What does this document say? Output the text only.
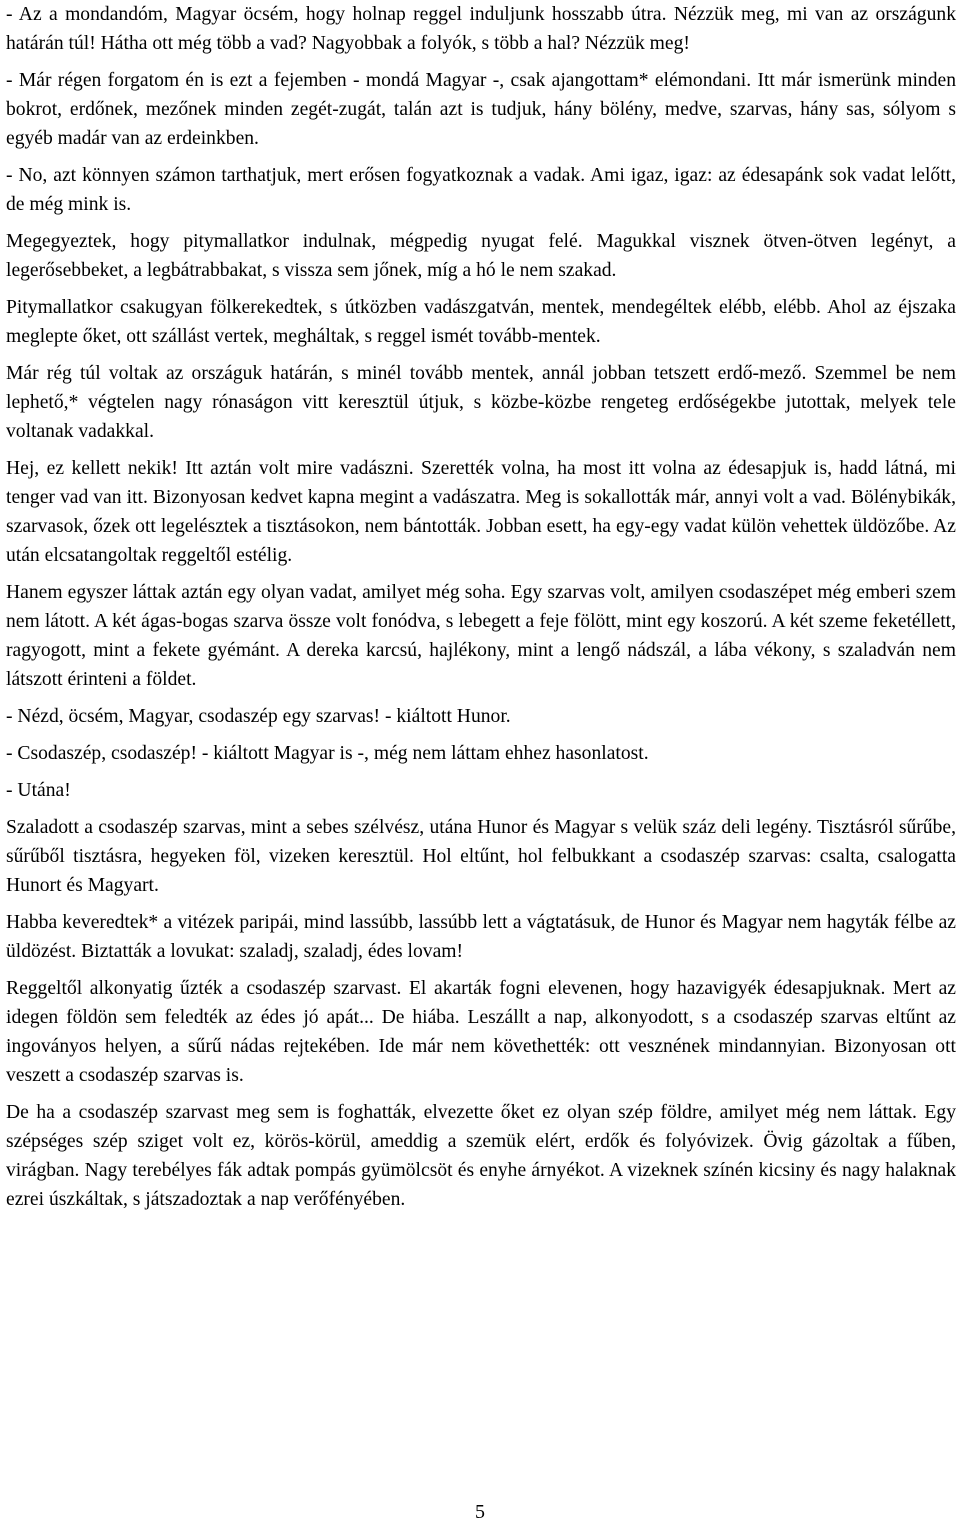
- Az a mondandóm, Magyar öcsém, hogy holnap reggel induljunk hosszabb útra. Nézzük meg, mi van az országunk határán túl! Hátha ott még több a vad? Nagyobbak a folyók, s több a hal? Nézzük meg!

- Már régen forgatom én is ezt a fejemben - mondá Magyar -, csak ajangottam* elémondani. Itt már ismerünk minden bokrot, erdőnek, mezőnek minden zegét-zugát, talán azt is tudjuk, hány bölény, medve, szarvas, hány sas, sólyom s egyéb madár van az erdeinkben.

- No, azt könnyen számon tarthatjuk, mert erősen fogyatkoznak a vadak. Ami igaz, igaz: az édesapánk sok vadat lelőtt, de még mink is.

Megegyeztek, hogy pitymallatkor indulnak, mégpedig nyugat felé. Magukkal visznek ötven-ötven legényt, a legerősebbeket, a legbátrabbakat, s vissza sem jőnek, míg a hó le nem szakad.

Pitymallatkor csakugyan fölkerekedtek, s útközben vadászgatván, mentek, mendegéltek elébb, elébb. Ahol az éjszaka meglepte őket, ott szállást vertek, megháltak, s reggel ismét tovább-mentek.

Már rég túl voltak az országuk határán, s minél tovább mentek, annál jobban tetszett erdő-mező. Szemmel be nem lephető,* végtelen nagy rónaságon vitt keresztül útjuk, s közbe-közbe rengeteg erdőségekbe jutottak, melyek tele voltanak vadakkal.

Hej, ez kellett nekik! Itt aztán volt mire vadászni. Szerették volna, ha most itt volna az édesapjuk is, hadd látná, mi tenger vad van itt. Bizonyosan kedvet kapna megint a vadászatra. Meg is sokallották már, annyi volt a vad. Bölénybikák, szarvasok, őzek ott legelésztek a tisztásokon, nem bántották. Jobban esett, ha egy-egy vadat külön vehettek üldözőbe. Az után elcsatangoltak reggeltől estélig.

Hanem egyszer láttak aztán egy olyan vadat, amilyet még soha. Egy szarvas volt, amilyen csodaszépet még emberi szem nem látott. A két ágas-bogas szarva össze volt fonódva, s lebegett a feje fölött, mint egy koszorú. A két szeme feketéllett, ragyogott, mint a fekete gyémánt. A dereka karcsú, hajlékony, mint a lengő nádszál, a lába vékony, s szaladván nem látszott érinteni a földet.

- Nézd, öcsém, Magyar, csodaszép egy szarvas! - kiáltott Hunor.

- Csodaszép, csodaszép! - kiáltott Magyar is -, még nem láttam ehhez hasonlatost.

- Utána!

Szaladott a csodaszép szarvas, mint a sebes szélvész, utána Hunor és Magyar s velük száz deli legény. Tisztásról sűrűbe, sűrűből tisztásra, hegyeken föl, vizeken keresztül. Hol eltűnt, hol felbukkant a csodaszép szarvas: csalta, csalogatta Hunort és Magyart.

Habba keveredtek* a vitézek paripái, mind lassúbb, lassúbb lett a vágtatásuk, de Hunor és Magyar nem hagyták félbe az üldözést. Biztatták a lovukat: szaladj, szaladj, édes lovam!

Reggeltől alkonyatig űzték a csodaszép szarvast. El akarták fogni elevenen, hogy hazavigyék édesapjuknak. Mert az idegen földön sem feledték az édes jó apát... De hiába. Leszállt a nap, alkonyodott, s a csodaszép szarvas eltűnt az ingoványos helyen, a sűrű nádas rejtekében. Ide már nem követhették: ott vesznének mindannyian. Bizonyosan ott veszett a csodaszép szarvas is.

De ha a csodaszép szarvast meg sem is foghatták, elvezette őket ez olyan szép földre, amilyet még nem láttak. Egy szépséges szép sziget volt ez, körös-körül, ameddig a szemük elért, erdők és folyóvizek. Övig gázoltak a fűben, virágban. Nagy terebélyes fák adtak pompás gyümölcsöt és enyhe árnyékot. A vizeknek színén kicsiny és nagy halaknak ezrei úszkáltak, s játszadoztak a nap verőfényében.

5
